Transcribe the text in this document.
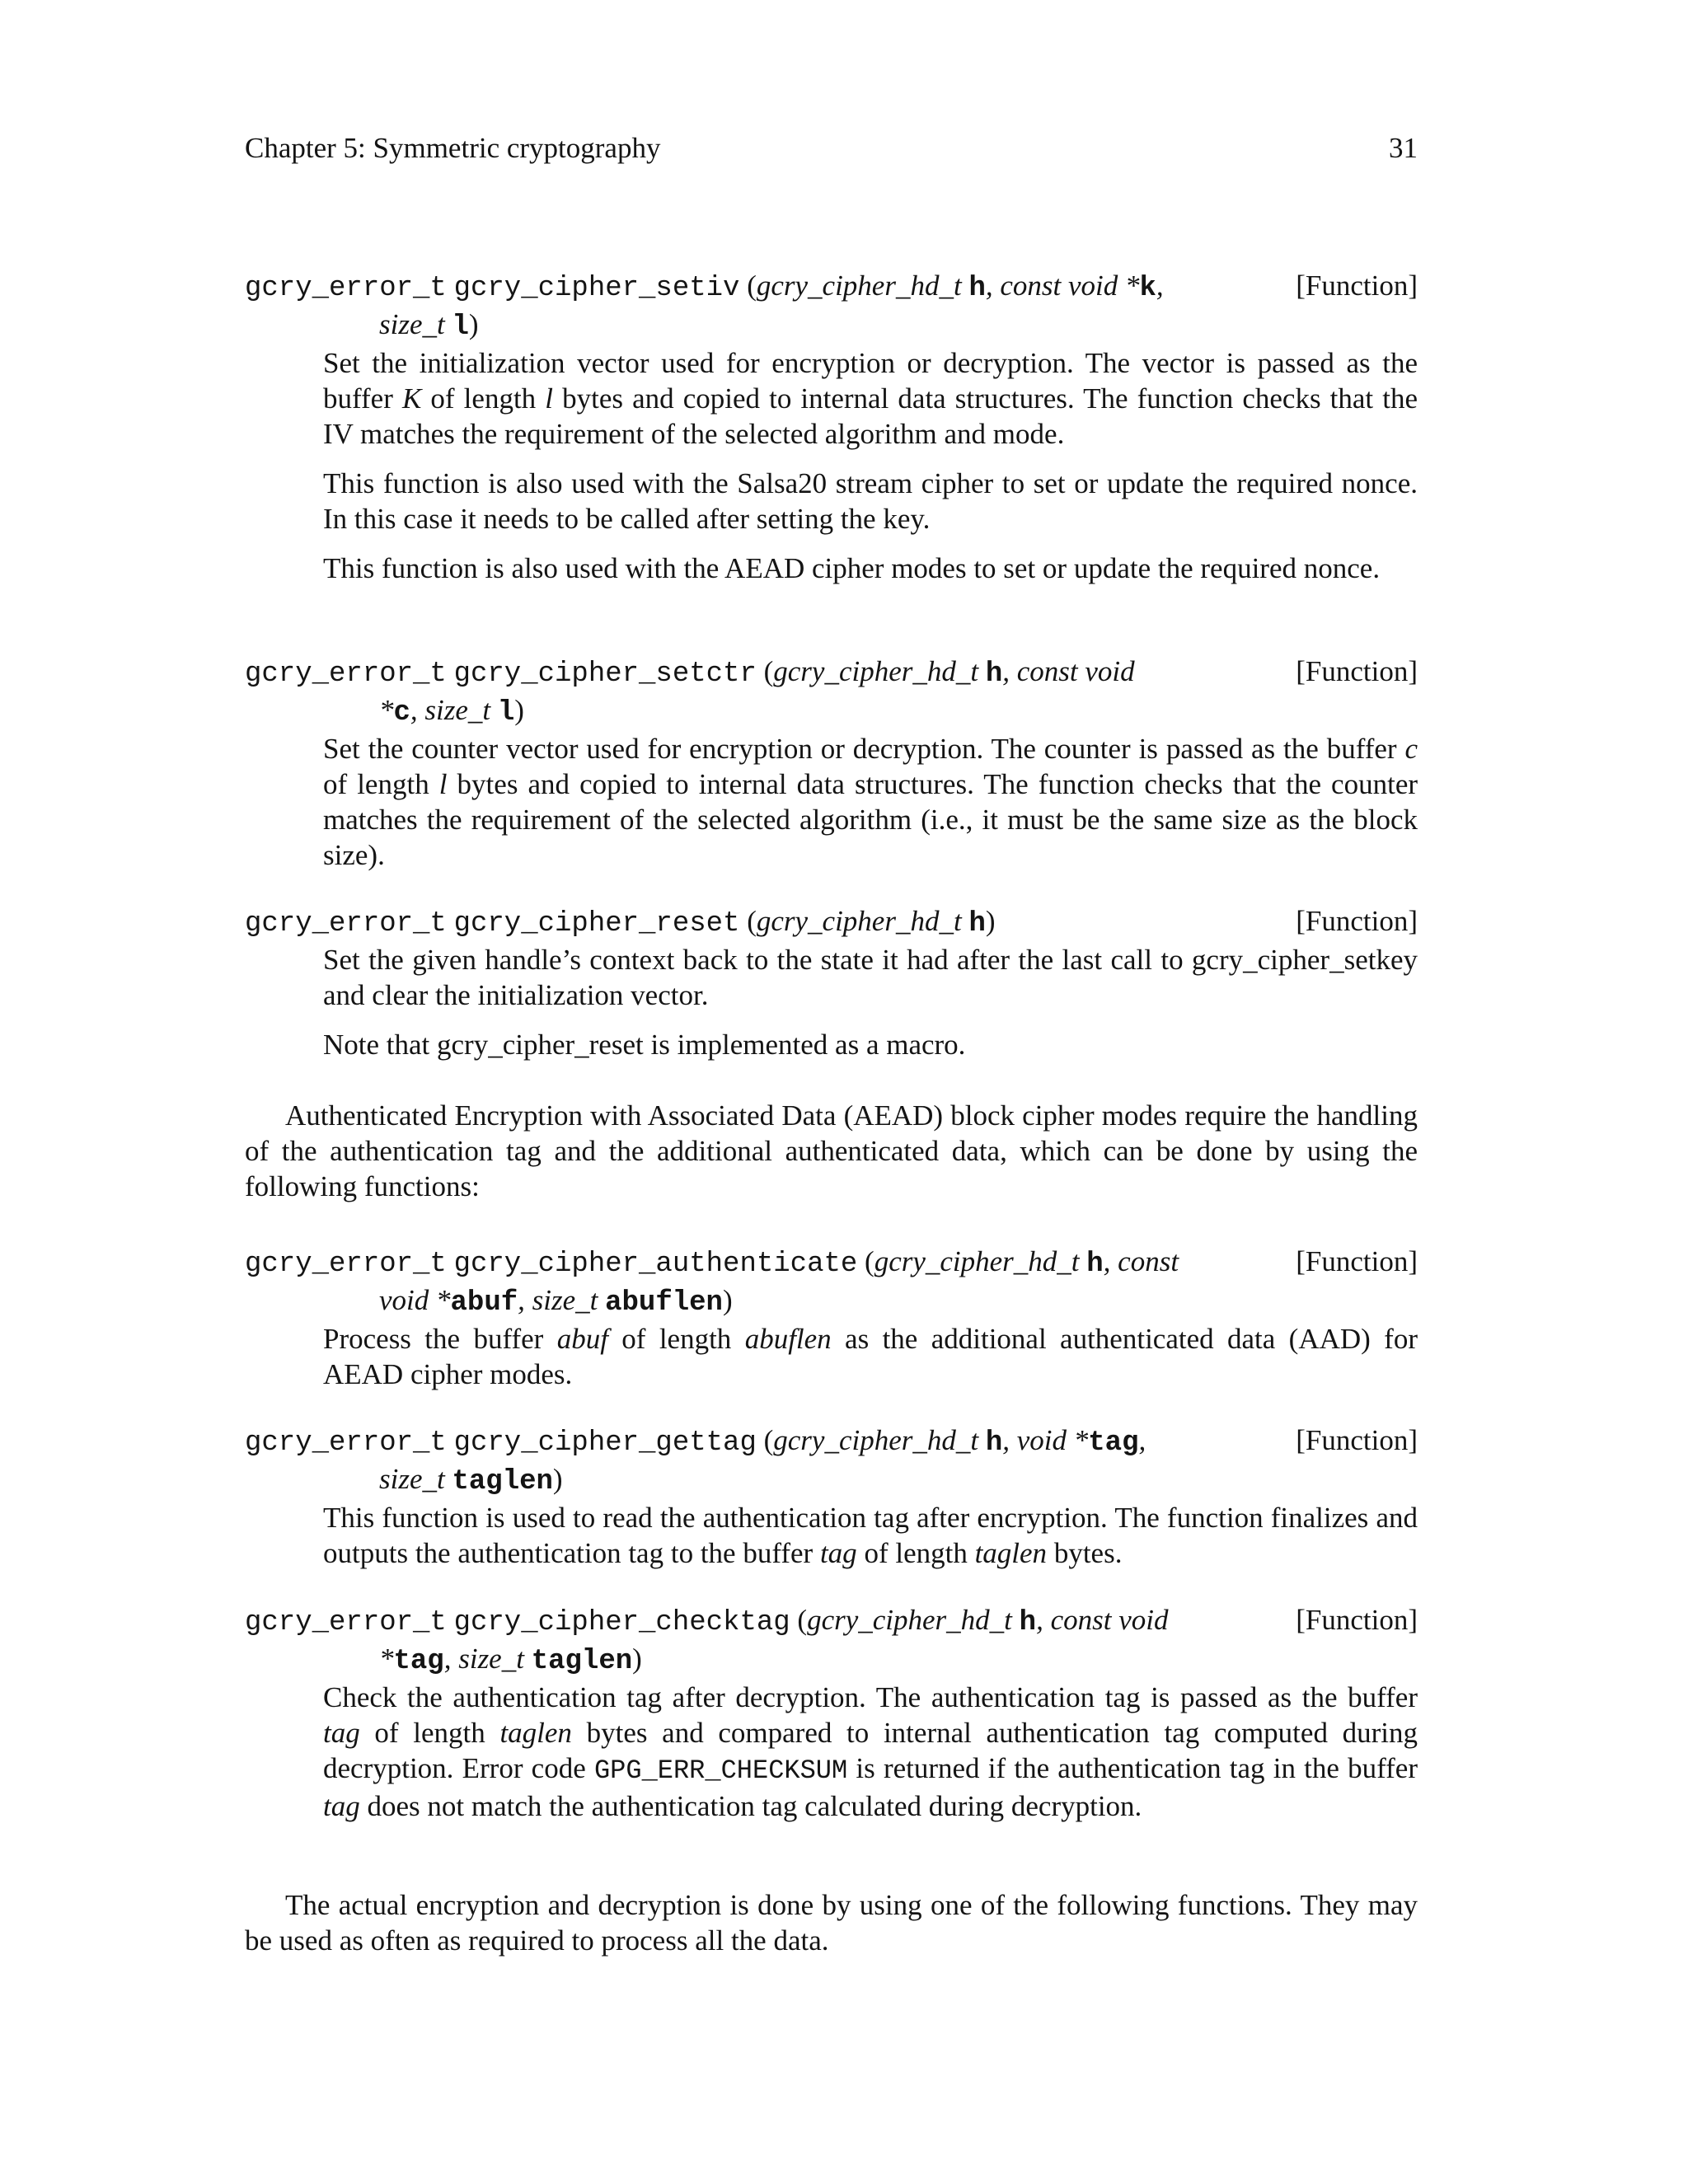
Chapter 5: Symmetric cryptography	31
gcry_error_t gcry_cipher_setiv (gcry_cipher_hd_t h, const void *k,	[Function]
size_t l)

Set the initialization vector used for encryption or decryption. The vector is passed as the buffer K of length l bytes and copied to internal data structures. The function checks that the IV matches the requirement of the selected algorithm and mode.

This function is also used with the Salsa20 stream cipher to set or update the required nonce. In this case it needs to be called after setting the key.

This function is also used with the AEAD cipher modes to set or update the required nonce.

gcry_error_t gcry_cipher_setctr (gcry_cipher_hd_t h, const void	[Function]
*c, size_t l)

Set the counter vector used for encryption or decryption. The counter is passed as the buffer c of length l bytes and copied to internal data structures. The function checks that the counter matches the requirement of the selected algorithm (i.e., it must be the same size as the block size).

gcry_error_t gcry_cipher_reset (gcry_cipher_hd_t h)	[Function]

Set the given handle’s context back to the state it had after the last call to gcry_cipher_setkey and clear the initialization vector.

Note that gcry_cipher_reset is implemented as a macro.

Authenticated Encryption with Associated Data (AEAD) block cipher modes require the handling of the authentication tag and the additional authenticated data, which can be done by using the following functions:
gcry_error_t gcry_cipher_authenticate (gcry_cipher_hd_t h, const	[Function]
void *abuf, size_t abuflen)

Process the buffer abuf of length abuflen as the additional authenticated data (AAD) for AEAD cipher modes.

gcry_error_t gcry_cipher_gettag (gcry_cipher_hd_t h, void *tag,	[Function]
size_t taglen)

This function is used to read the authentication tag after encryption. The function finalizes and outputs the authentication tag to the buffer tag of length taglen bytes.

gcry_error_t gcry_cipher_checktag (gcry_cipher_hd_t h, const void	[Function]
*tag, size_t taglen)

Check the authentication tag after decryption. The authentication tag is passed as the buffer tag of length taglen bytes and compared to internal authentication tag computed during decryption. Error code GPG_ERR_CHECKSUM is returned if the authentication tag in the buffer tag does not match the authentication tag calculated during decryption.

The actual encryption and decryption is done by using one of the following functions. They may be used as often as required to process all the data.
